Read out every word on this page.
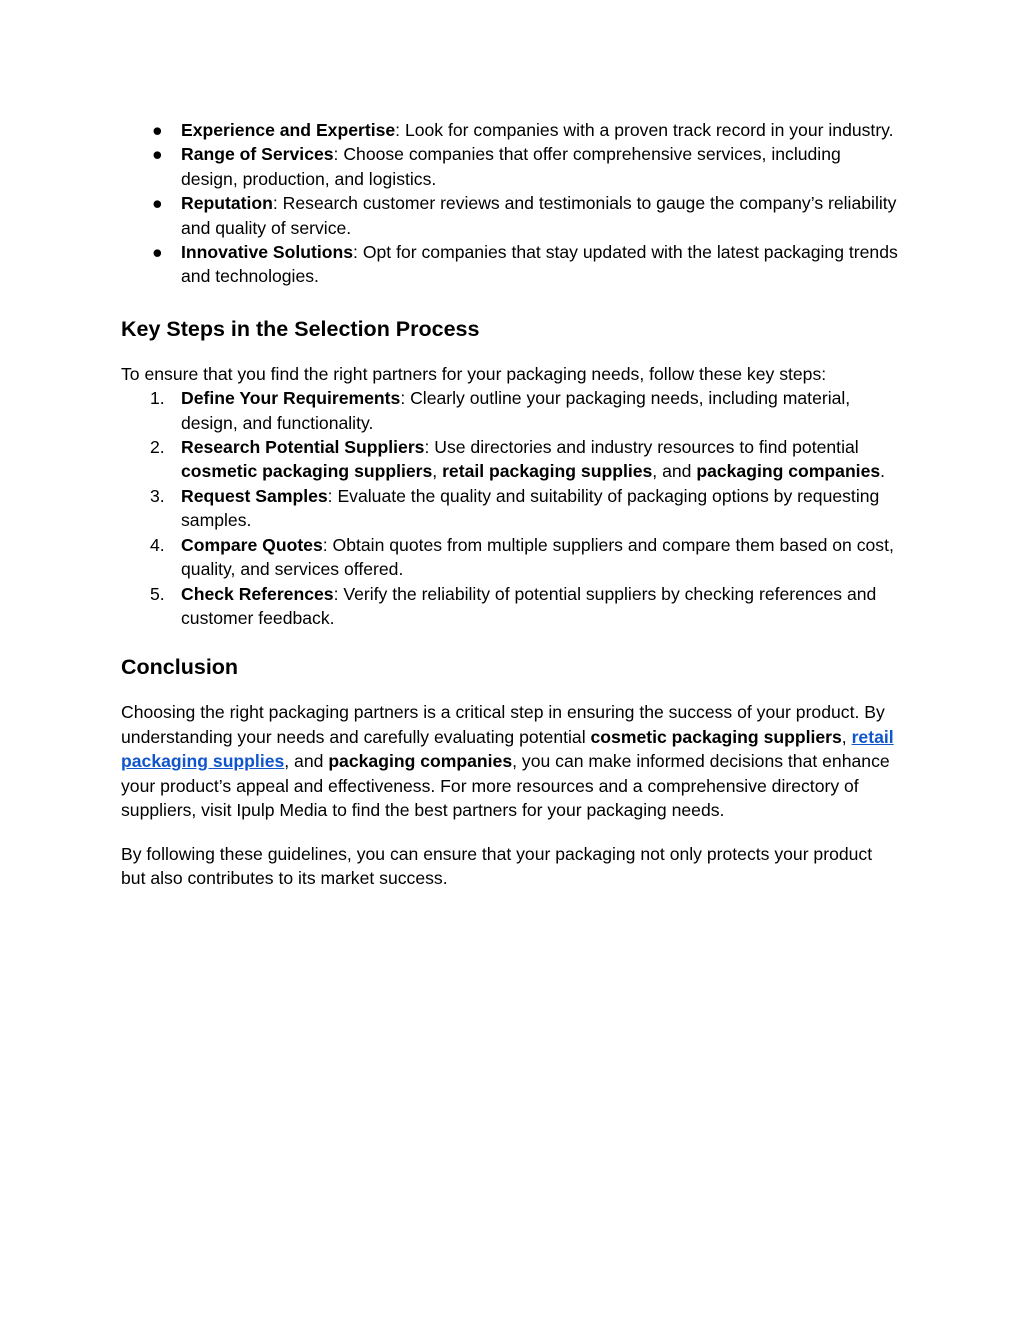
●	Experience and Expertise: Look for companies with a proven track record in your industry.
●	Range of Services: Choose companies that offer comprehensive services, including design, production, and logistics.
●	Reputation: Research customer reviews and testimonials to gauge the company’s reliability and quality of service.
●	Innovative Solutions: Opt for companies that stay updated with the latest packaging trends and technologies.
Key Steps in the Selection Process

To ensure that you find the right partners for your packaging needs, follow these key steps:

1. Define Your Requirements: Clearly outline your packaging needs, including material, design, and functionality.
2. Research Potential Suppliers: Use directories and industry resources to find potential cosmetic packaging suppliers, retail packaging supplies, and packaging companies.
3. Request Samples: Evaluate the quality and suitability of packaging options by requesting samples.
4. Compare Quotes: Obtain quotes from multiple suppliers and compare them based on cost, quality, and services offered.
5. Check References: Verify the reliability of potential suppliers by checking references and customer feedback.
Conclusion

Choosing the right packaging partners is a critical step in ensuring the success of your product. By understanding your needs and carefully evaluating potential cosmetic packaging suppliers, retail packaging supplies, and packaging companies, you can make informed decisions that enhance your product’s appeal and effectiveness. For more resources and a comprehensive directory of suppliers, visit Ipulp Media to find the best partners for your packaging needs.

By following these guidelines, you can ensure that your packaging not only protects your product but also contributes to its market success.
